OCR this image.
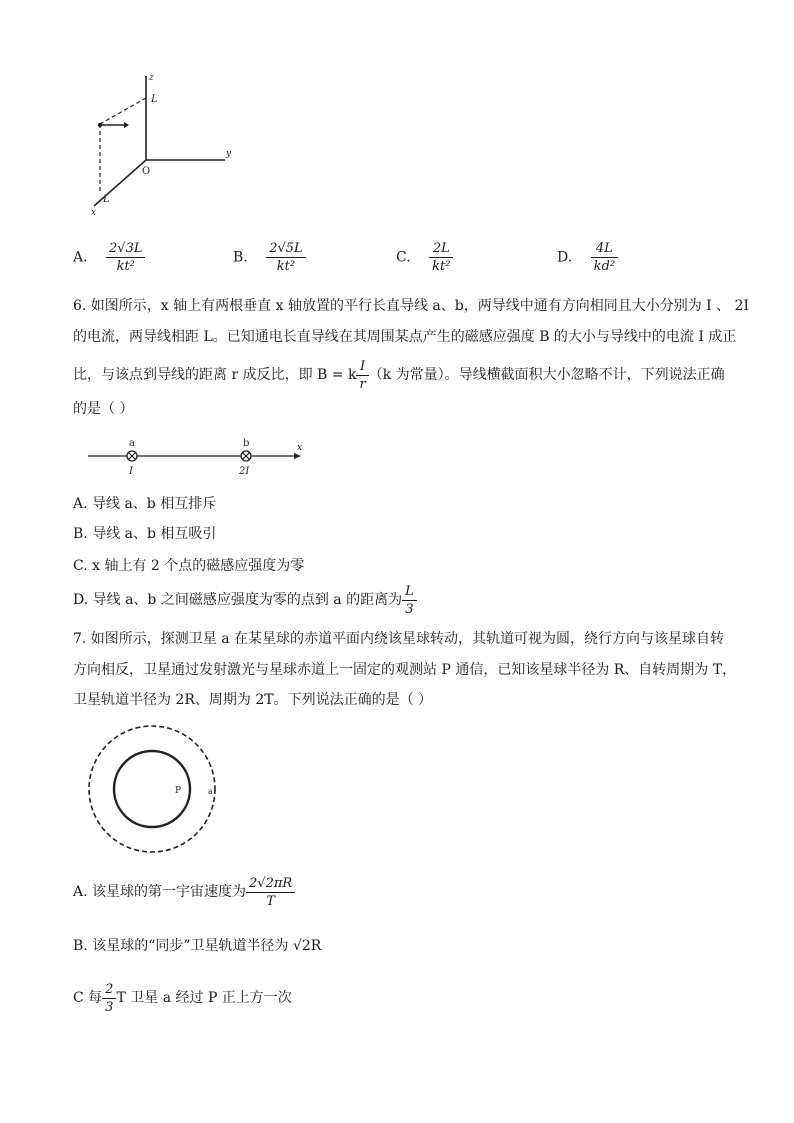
z
y
x
O
L
L
A. $\frac{2√3L}{\text{kt²}}$	B. $\frac{2√5L}{\text{kt²}}$	C. $\frac{2L}{\text{kt²}}$	D. $\frac{4L}{\text{kd²}}$
6. 如图所示，x 轴上有两根垂直 x 轴放置的平行长直导线 a、b，两导线中通有方向相同且大小分别为 I 、 2I
的电流，两导线相距 L。已知通电长直导线在其周围某点产生的磁感应强度 B 的大小与导线中的电流 I 成正
比，与该点到导线的距离 r 成反比，即 B = k $\frac{I}{r} (k$ 为常量）。导线横截面积大小忽略不计，下列说法正确
的是（ ）
a	b
I	2I
x
A. 导线 a、b 相互排斥
B. 导线 a、b 相互吸引
C. x 轴上有 2 个点的磁感应强度为零
D. 导线 a、b 之间磁感应强度为零的点到 a 的距离为 $\frac{L}{3}$
7. 如图所示，探测卫星 a 在某星球的赤道平面内绕该星球转动，其轨道可视为圆，绕行方向与该星球自转
方向相反，卫星通过发射激光与星球赤道上一固定的观测站 P 通信，已知该星球半径为 R、自转周期为 T，
卫星轨道半径为 2R、周期为 2T。下列说法正确的是（ ）
P	a
A. 该星球的第一宇宙速度为 $\frac{2√2\pi R}{T}$
B. 该星球的“同步”卫星轨道半径为 √2R
C 每 $\frac{2}{3}$ T 卫星 a 经过 P 正上方一次
